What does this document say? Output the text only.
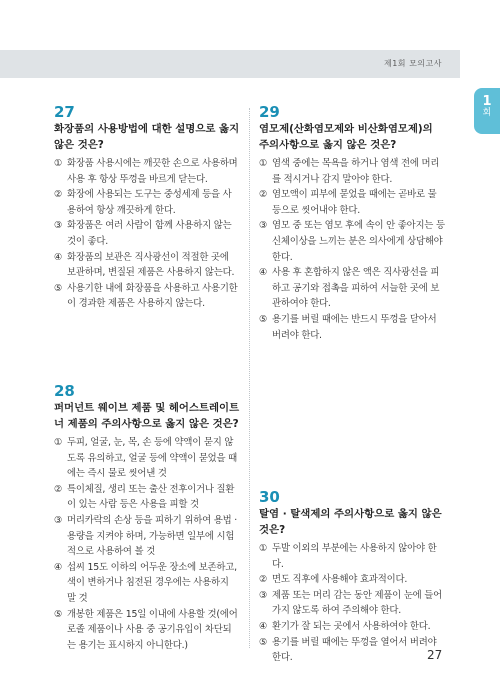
제1회 모의고사
1
회
27
화장품의 사용방법에 대한 설명으로 옳지 않은 것은?
① 화장품 사용시에는 깨끗한 손으로 사용하며 사용 후 항상 뚜껑을 바르게 닫는다.
② 화장에 사용되는 도구는 중성세제 등을 사용하여 항상 깨끗하게 한다.
③ 화장품은 여러 사람이 함께 사용하지 않는 것이 좋다.
④ 화장품의 보관은 직사광선이 적절한 곳에 보관하며, 변질된 제품은 사용하지 않는다.
⑤ 사용기한 내에 화장품을 사용하고 사용기한이 경과한 제품은 사용하지 않는다.
28
퍼머넌트 웨이브 제품 및 헤어스트레이트너 제품의 주의사항으로 옳지 않은 것은?
① 두피, 얼굴, 눈, 목, 손 등에 약액이 묻지 않도록 유의하고, 얼굴 등에 약액이 묻었을 때에는 즉시 물로 씻어낸 것
② 특이체질, 생리 또는 출산 전후이거나 질환이 있는 사람 등은 사용을 피할 것
③ 머리카락의 손상 등을 피하기 위하여 용법 · 용량을 지켜야 하며, 가능하면 일부에 시험적으로 사용하여 볼 것
④ 섭씨 15도 이하의 어두운 장소에 보존하고, 색이 변하거나 침전된 경우에는 사용하지 말 것
⑤ 개봉한 제품은 15일 이내에 사용할 것(에어로졸 제품이나 사용 중 공기유입이 차단되는 용기는 표시하지 아니한다.)
29
염모제(산화염모제와 비산화염모제)의 주의사항으로 옳지 않은 것은?
① 염색 중에는 목욕을 하거나 염색 전에 머리를 적시거나 감지 말아야 한다.
② 염모액이 피부에 묻었을 때에는 곧바로 물 등으로 씻어내야 한다.
③ 염모 중 또는 염모 후에 속이 안 좋아지는 등 신체이상을 느끼는 분은 의사에게 상담해야 한다.
④ 사용 후 혼합하지 않은 액은 직사광선을 피하고 공기와 접촉을 피하여 서늘한 곳에 보관하여야 한다.
⑤ 용기를 버릴 때에는 반드시 뚜껑을 닫아서 버려야 한다.
30
탈염 · 탈색제의 주의사항으로 옳지 않은 것은?
① 두발 이외의 부분에는 사용하지 않아야 한다.
② 면도 직후에 사용해야 효과적이다.
③ 제품 또는 머리 감는 동안 제품이 눈에 들어가지 않도록 하여 주의해야 한다.
④ 환기가 잘 되는 곳에서 사용하여야 한다.
⑤ 용기를 버릴 때에는 뚜껑을 열어서 버려야 한다.	27
